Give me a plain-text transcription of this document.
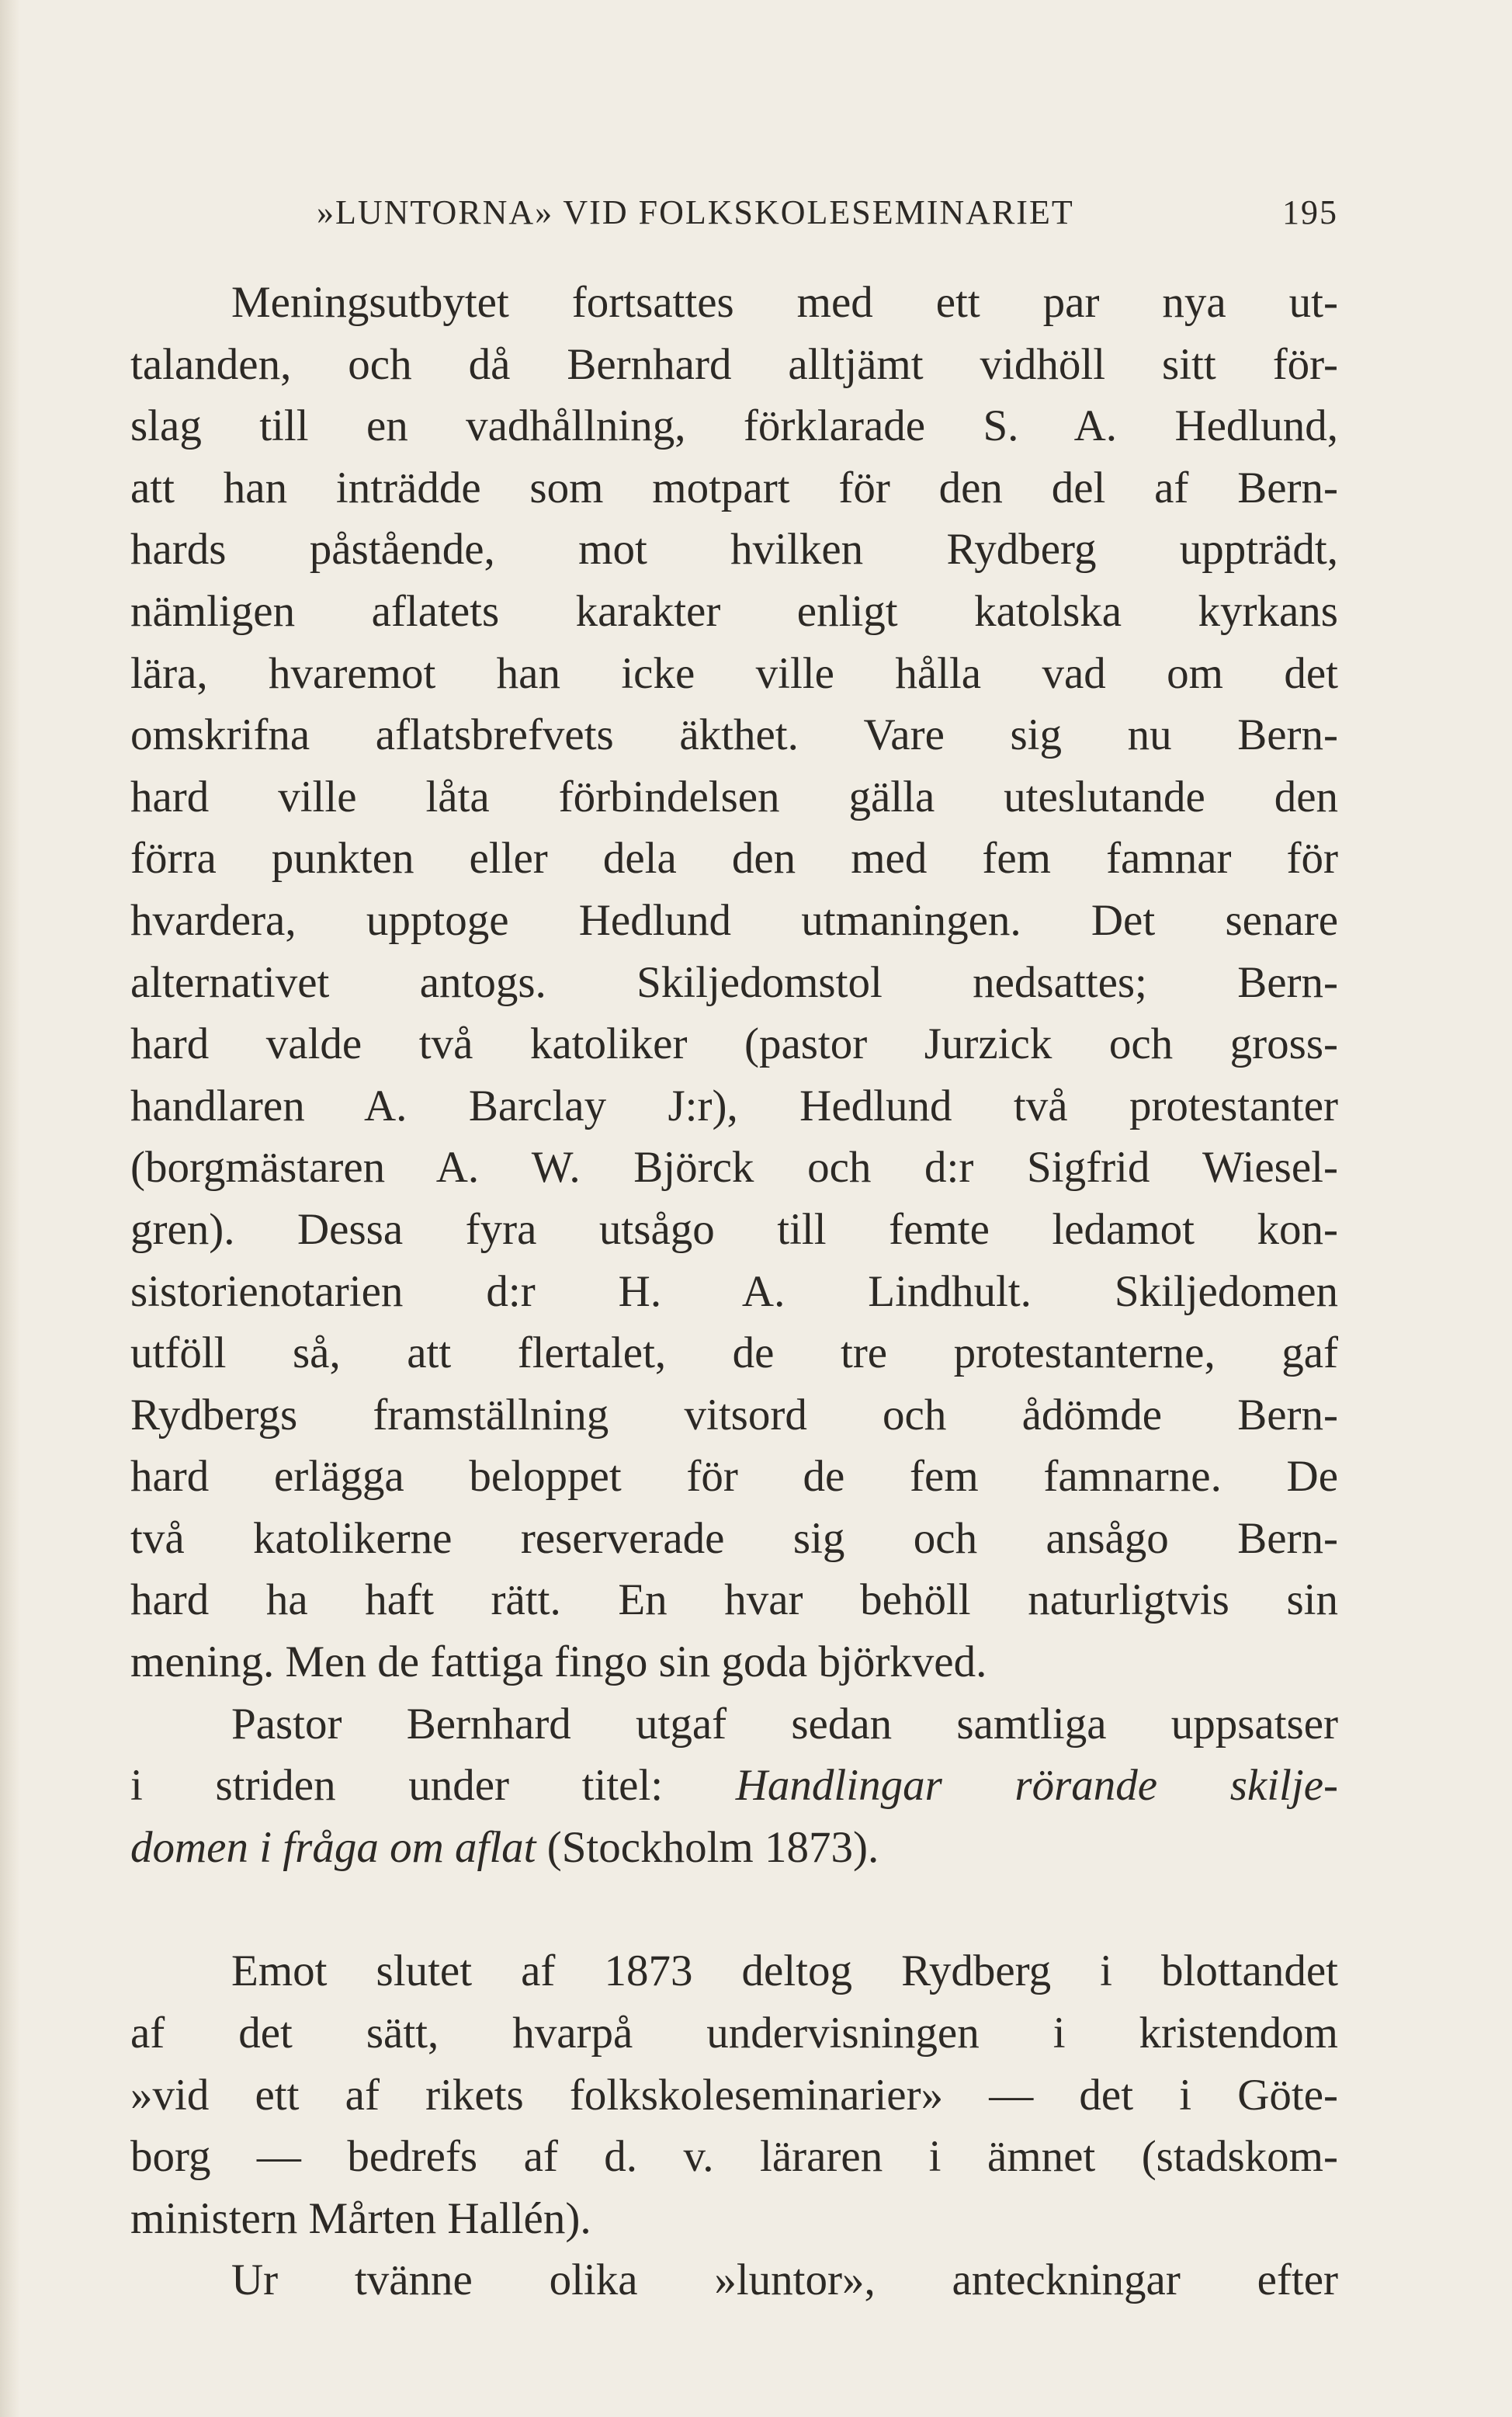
»LUNTORNA» VID FOLKSKOLESEMINARIET	195
Meningsutbytet fortsattes med ett par nya ut-
talanden, och då Bernhard alltjämt vidhöll sitt för-
slag till en vadhållning, förklarade S. A. Hedlund,
att han inträdde som motpart för den del af Bern-
hards påstående, mot hvilken Rydberg uppträdt,
nämligen aflatets karakter enligt katolska kyrkans
lära, hvaremot han icke ville hålla vad om det
omskrifna aflatsbrefvets äkthet. Vare sig nu Bern-
hard ville låta förbindelsen gälla uteslutande den
förra punkten eller dela den med fem famnar för
hvardera, upptoge Hedlund utmaningen. Det senare
alternativet antogs. Skiljedomstol nedsattes; Bern-
hard valde två katoliker (pastor Jurzick och gross-
handlaren A. Barclay J:r), Hedlund två protestanter
(borgmästaren A. W. Björck och d:r Sigfrid Wiesel-
gren). Dessa fyra utsågo till femte ledamot kon-
sistorienotarien d:r H. A. Lindhult. Skiljedomen
utföll så, att flertalet, de tre protestanterne, gaf
Rydbergs framställning vitsord och ådömde Bern-
hard erlägga beloppet för de fem famnarne. De
två katolikerne reserverade sig och ansågo Bern-
hard ha haft rätt. En hvar behöll naturligtvis sin
mening. Men de fattiga fingo sin goda björkved.
Pastor Bernhard utgaf sedan samtliga uppsatser
i striden under titel: Handlingar rörande skilje-
domen i fråga om aflat (Stockholm 1873).
Emot slutet af 1873 deltog Rydberg i blottandet
af det sätt, hvarpå undervisningen i kristendom
»vid ett af rikets folkskoleseminarier» — det i Göte-
borg — bedrefs af d. v. läraren i ämnet (stadskom-
ministern Mårten Hallén).
Ur tvänne olika »luntor», anteckningar efter
